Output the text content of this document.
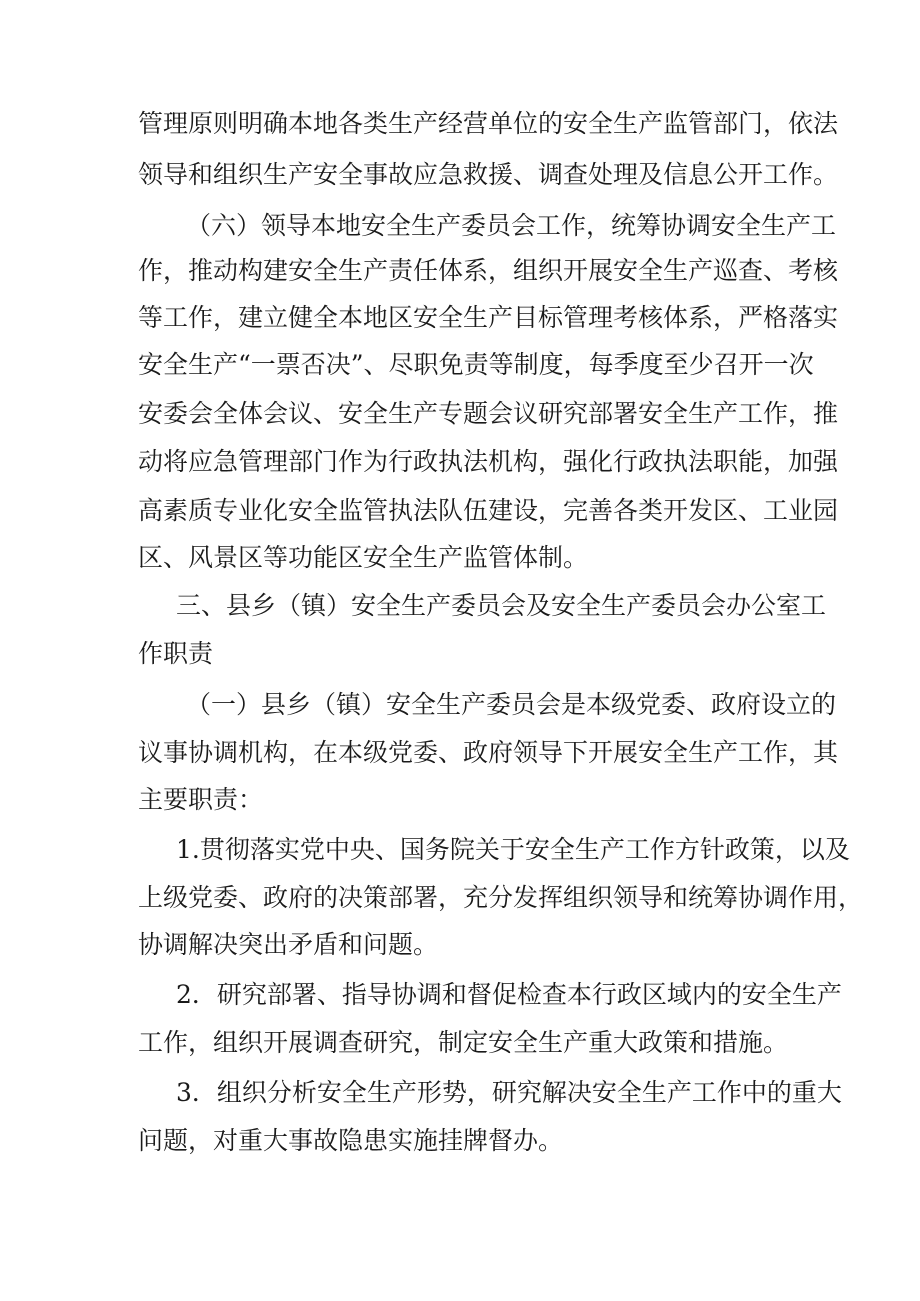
管理原则明确本地各类生产经营单位的安全生产监管部门，依法
领导和组织生产安全事故应急救援、调查处理及信息公开工作。
（六）领导本地安全生产委员会工作，统筹协调安全生产工
作，推动构建安全生产责任体系，组织开展安全生产巡查、考核
等工作，建立健全本地区安全生产目标管理考核体系，严格落实
安全生产“一票否决”、尽职免责等制度，每季度至少召开一次
安委会全体会议、安全生产专题会议研究部署安全生产工作，推
动将应急管理部门作为行政执法机构，强化行政执法职能，加强
高素质专业化安全监管执法队伍建设，完善各类开发区、工业园
区、风景区等功能区安全生产监管体制。
三、县乡（镇）安全生产委员会及安全生产委员会办公室工
作职责
（一）县乡（镇）安全生产委员会是本级党委、政府设立的
议事协调机构，在本级党委、政府领导下开展安全生产工作，其
主要职责：
1.贯彻落实党中央、国务院关于安全生产工作方针政策，以及
上级党委、政府的决策部署，充分发挥组织领导和统筹协调作用，
协调解决突出矛盾和问题。
2．研究部署、指导协调和督促检查本行政区域内的安全生产
工作，组织开展调查研究，制定安全生产重大政策和措施。
3．组织分析安全生产形势，研究解决安全生产工作中的重大
问题，对重大事故隐患实施挂牌督办。
